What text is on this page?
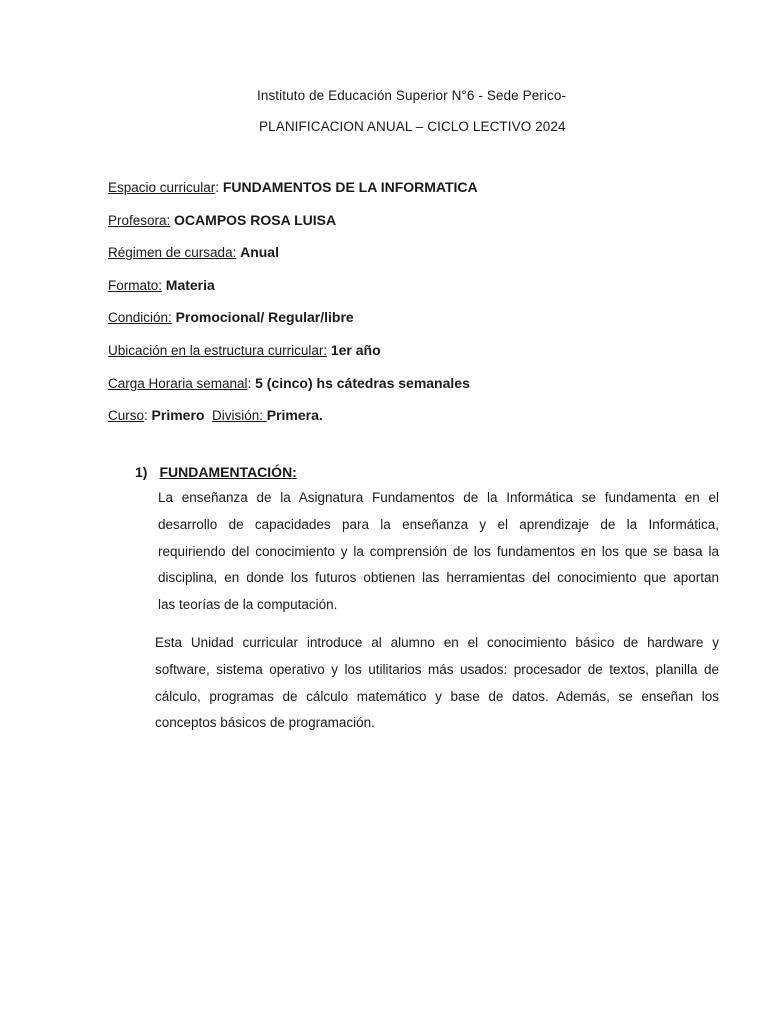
Instituto de Educación Superior N°6 - Sede Perico-
PLANIFICACION ANUAL – CICLO LECTIVO 2024
Espacio curricular: FUNDAMENTOS DE LA INFORMATICA
Profesora: OCAMPOS ROSA LUISA
Régimen de cursada: Anual
Formato: Materia
Condición: Promocional/ Regular/libre
Ubicación en la estructura curricular: 1er año
Carga Horaria semanal: 5 (cinco) hs cátedras semanales
Curso: Primero División: Primera.
1) FUNDAMENTACIÓN:
La enseñanza de la Asignatura Fundamentos de la Informática se fundamenta en el
desarrollo de capacidades para la enseñanza y el aprendizaje de la Informática,
requiriendo del conocimiento y la comprensión de los fundamentos en los que se basa la
disciplina, en donde los futuros obtienen las herramientas del conocimiento que aportan
las teorías de la computación.
Esta Unidad curricular introduce al alumno en el conocimiento básico de hardware y
software, sistema operativo y los utilitarios más usados: procesador de textos, planilla de
cálculo, programas de cálculo matemático y base de datos. Además, se enseñan los
conceptos básicos de programación.
